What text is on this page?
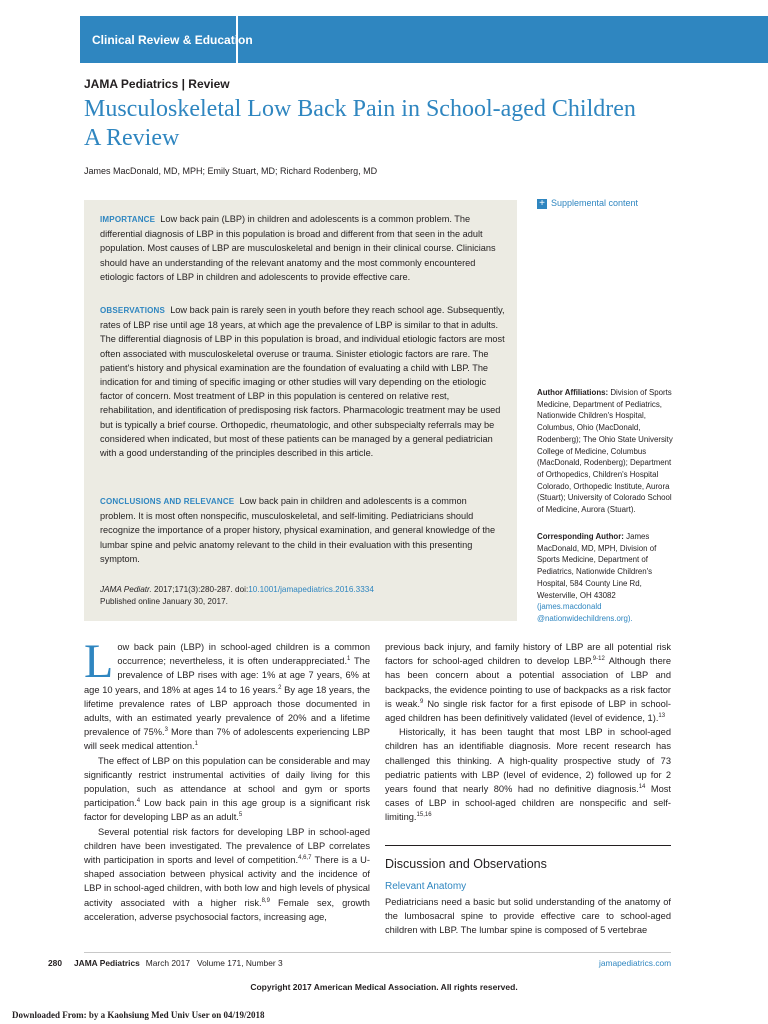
Clinical Review & Education
JAMA Pediatrics | Review
Musculoskeletal Low Back Pain in School-aged Children
A Review
James MacDonald, MD, MPH; Emily Stuart, MD; Richard Rodenberg, MD

IMPORTANCE Low back pain (LBP) in children and adolescents is a common problem. The differential diagnosis of LBP in this population is broad and different from that seen in the adult population. Most causes of LBP are musculoskeletal and benign in their clinical course. Clinicians should have an understanding of the relevant anatomy and the most commonly encountered etiologic factors of LBP in children and adolescents to provide effective care.

OBSERVATIONS Low back pain is rarely seen in youth before they reach school age. Subsequently, rates of LBP rise until age 18 years, at which age the prevalence of LBP is similar to that in adults. The differential diagnosis of LBP in this population is broad, and individual etiologic factors are most often associated with musculoskeletal overuse or trauma. Sinister etiologic factors are rare. The patient's history and physical examination are the foundation of evaluating a child with LBP. The indication for and timing of specific imaging or other studies will vary depending on the etiologic factor of concern. Most treatment of LBP in this population is centered on relative rest, rehabilitation, and identification of predisposing risk factors. Pharmacologic treatment may be used but is typically a brief course. Orthopedic, rheumatologic, and other subspecialty referrals may be considered when indicated, but most of these patients can be managed by a general pediatrician with a good understanding of the principles described in this article.

CONCLUSIONS AND RELEVANCE Low back pain in children and adolescents is a common problem. It is most often nonspecific, musculoskeletal, and self-limiting. Pediatricians should recognize the importance of a proper history, physical examination, and general knowledge of the lumbar spine and pelvic anatomy relevant to the child in their evaluation with this presenting symptom.

JAMA Pediatr. 2017;171(3):280-287. doi:10.1001/jamapediatrics.2016.3334
Published online January 30, 2017.
+ Supplemental content

Author Affiliations: Division of Sports Medicine, Department of Pediatrics, Nationwide Children's Hospital, Columbus, Ohio (MacDonald, Rodenberg); The Ohio State University College of Medicine, Columbus (MacDonald, Rodenberg); Department of Orthopedics, Children's Hospital Colorado, Orthopedic Institute, Aurora (Stuart); University of Colorado School of Medicine, Aurora (Stuart).

Corresponding Author: James MacDonald, MD, MPH, Division of Sports Medicine, Department of Pediatrics, Nationwide Children's Hospital, 584 County Line Rd, Westerville, OH 43082 (james.macdonald @nationwidechildrens.org).

Low back pain (LBP) in school-aged children is a common occurrence; nevertheless, it is often underappreciated.$^1$ The prevalence of LBP rises with age: 1% at age 7 years, 6% at age 10 years, and 18% at ages 14 to 16 years.$^2$ By age 18 years, the lifetime prevalence rates of LBP approach those documented in adults, with an estimated yearly prevalence of 20% and a lifetime prevalence of 75%.$^3$ More than 7% of adolescents experiencing LBP will seek medical attention.$^1$

The effect of LBP on this population can be considerable and may significantly restrict instrumental activities of daily living for this population, such as attendance at school and gym or sports participation.$^4$ Low back pain in this age group is a significant risk factor for developing LBP as an adult.$^5$

Several potential risk factors for developing LBP in school-aged children have been investigated. The prevalence of LBP correlates with participation in sports and level of competition.$^{4,6,7}$ There is a U-shaped association between physical activity and the incidence of LBP in school-aged children, with both low and high levels of physical activity associated with a higher risk.$^{8,9}$ Female sex, growth acceleration, adverse psychosocial factors, increasing age,

previous back injury, and family history of LBP are all potential risk factors for school-aged children to develop LBP.$^{9-12}$ Although there has been concern about a potential association of LBP and backpacks, the evidence pointing to use of backpacks as a risk factor is weak.$^9$ No single risk factor for a first episode of LBP in school-aged children has been definitively validated (level of evidence, 1).$^{13}$

Historically, it has been taught that most LBP in school-aged children has an identifiable diagnosis. More recent research has challenged this thinking. A high-quality prospective study of 73 pediatric patients with LBP (level of evidence, 2) followed up for 2 years found that nearly 80% had no definitive diagnosis.$^{14}$ Most cases of LBP in school-aged children are nonspecific and self-limiting.$^{15,16}$

Discussion and Observations
Relevant Anatomy

Pediatricians need a basic but solid understanding of the anatomy of the lumbosacral spine to provide effective care to school-aged children with LBP. The lumbar spine is composed of 5 vertebrae

280 JAMA Pediatrics March 2017   Volume 171, Number 3	jamapediatrics.com
Copyright 2017 American Medical Association. All rights reserved.
Downloaded From: by a Kaohsiung Med Univ User on 04/19/2018
